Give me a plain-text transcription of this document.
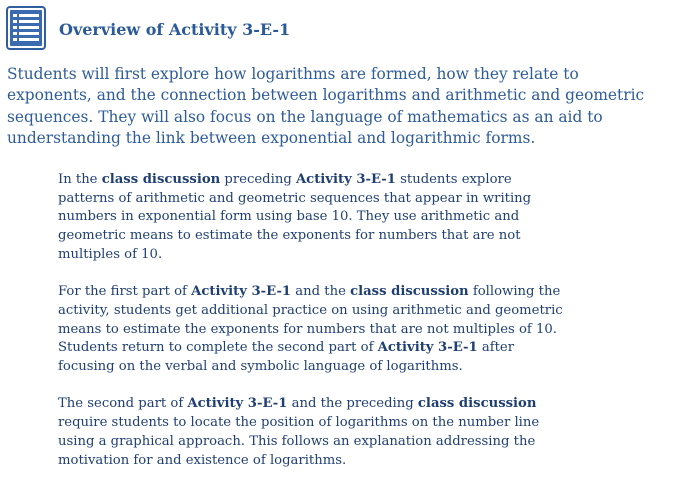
Overview of Activity 3-E-1

Students will first explore how logarithms are formed, how they relate to
exponents, and the connection between logarithms and arithmetic and geometric
sequences. They will also focus on the language of mathematics as an aid to
understanding the link between exponential and logarithmic forms.

In the class discussion preceding Activity 3-E-1 students explore
patterns of arithmetic and geometric sequences that appear in writing
numbers in exponential form using base 10. They use arithmetic and
geometric means to estimate the exponents for numbers that are not
multiples of 10.
For the first part of Activity 3-E-1 and the class discussion following the
activity, students get additional practice on using arithmetic and geometric
means to estimate the exponents for numbers that are not multiples of 10.
Students return to complete the second part of Activity 3-E-1 after
focusing on the verbal and symbolic language of logarithms.
The second part of Activity 3-E-1 and the preceding class discussion
require students to locate the position of logarithms on the number line
using a graphical approach. This follows an explanation addressing the
motivation for and existence of logarithms.
